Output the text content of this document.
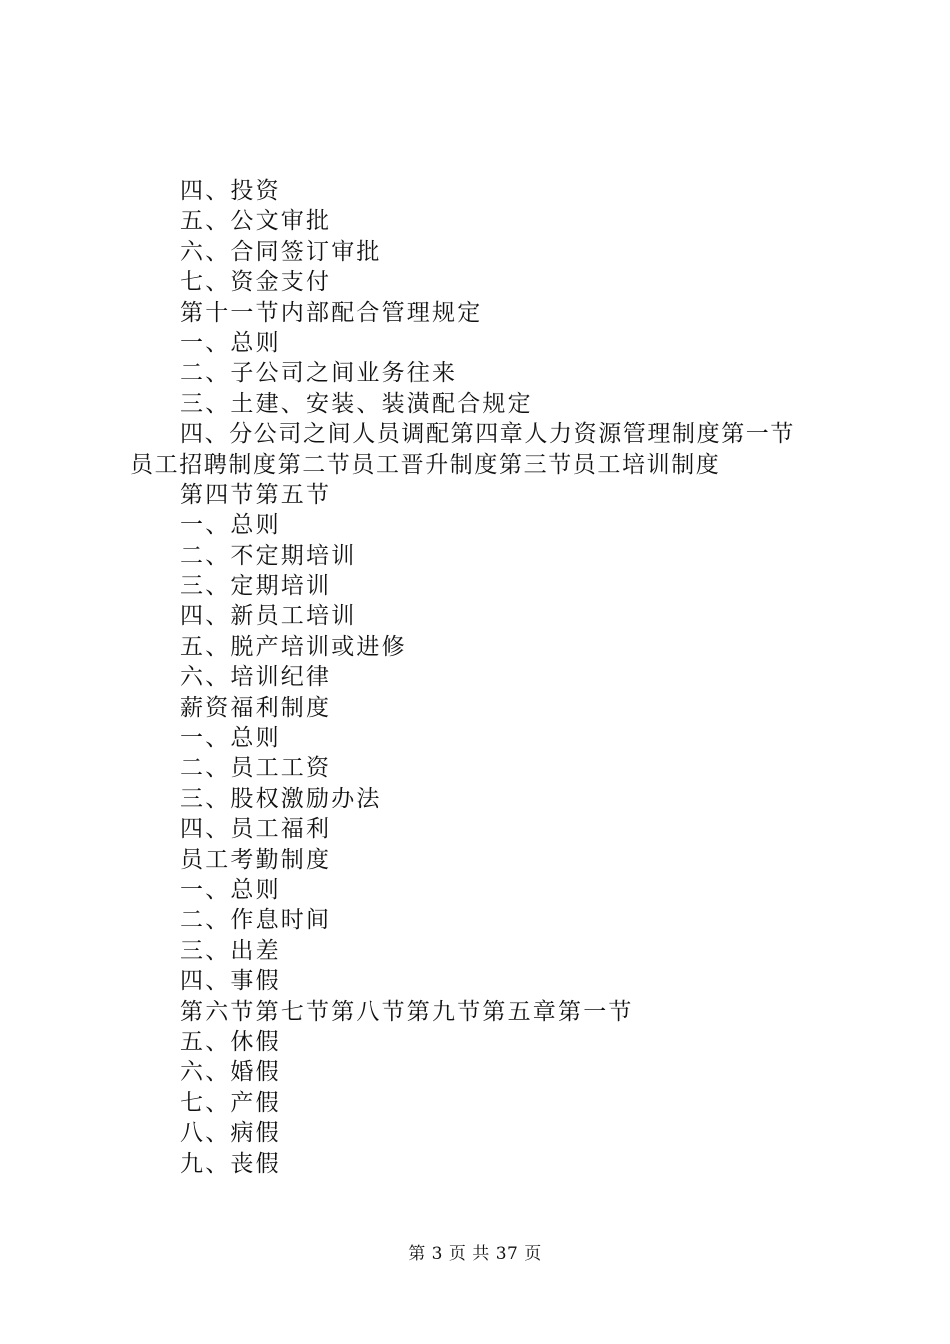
四、投资
五、公文审批
六、合同签订审批
七、资金支付
第十一节内部配合管理规定
一、总则
二、子公司之间业务往来
三、土建、安装、装潢配合规定
四、分公司之间人员调配第四章人力资源管理制度第一节
员工招聘制度第二节员工晋升制度第三节员工培训制度
第四节第五节
一、总则
二、不定期培训
三、定期培训
四、新员工培训
五、脱产培训或进修
六、培训纪律
薪资福利制度
一、总则
二、员工工资
三、股权激励办法
四、员工福利
员工考勤制度
一、总则
二、作息时间
三、出差
四、事假
第六节第七节第八节第九节第五章第一节
五、休假
六、婚假
七、产假
八、病假
九、丧假
第 3 页 共 37 页
